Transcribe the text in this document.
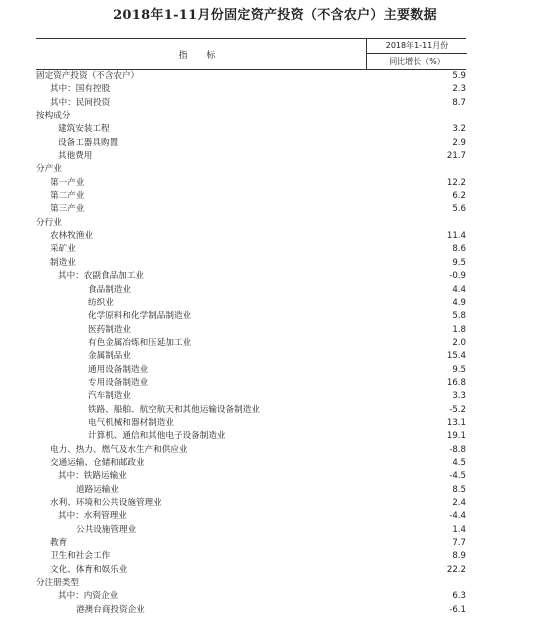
2018年1-11月份固定资产投资（不含农户）主要数据
指 标
2018年1-11月份
同比增长（%）
固定资产投资（不含农户）	5.9
其中：国有控股	2.3
其中：民间投资	8.7
按构成分
建筑安装工程	3.2
设备工器具购置	2.9
其他费用	21.7
分产业
第一产业	12.2
第二产业	6.2
第三产业	5.6
分行业
农林牧渔业	11.4
采矿业	8.6
制造业	9.5
其中：农副食品加工业	-0.9
食品制造业	4.4
纺织业	4.9
化学原料和化学制品制造业	5.8
医药制造业	1.8
有色金属冶炼和压延加工业	2.0
金属制品业	15.4
通用设备制造业	9.5
专用设备制造业	16.8
汽车制造业	3.3
铁路、船舶、航空航天和其他运输设备制造业	-5.2
电气机械和器材制造业	13.1
计算机、通信和其他电子设备制造业	19.1
电力、热力、燃气及水生产和供应业	-8.8
交通运输、仓储和邮政业	4.5
其中：铁路运输业	-4.5
道路运输业	8.5
水利、环境和公共设施管理业	2.4
其中：水利管理业	-4.4
公共设施管理业	1.4
教育	7.7
卫生和社会工作	8.9
文化、体育和娱乐业	22.2
分注册类型
其中：内资企业	6.3
港澳台商投资企业	-6.1
